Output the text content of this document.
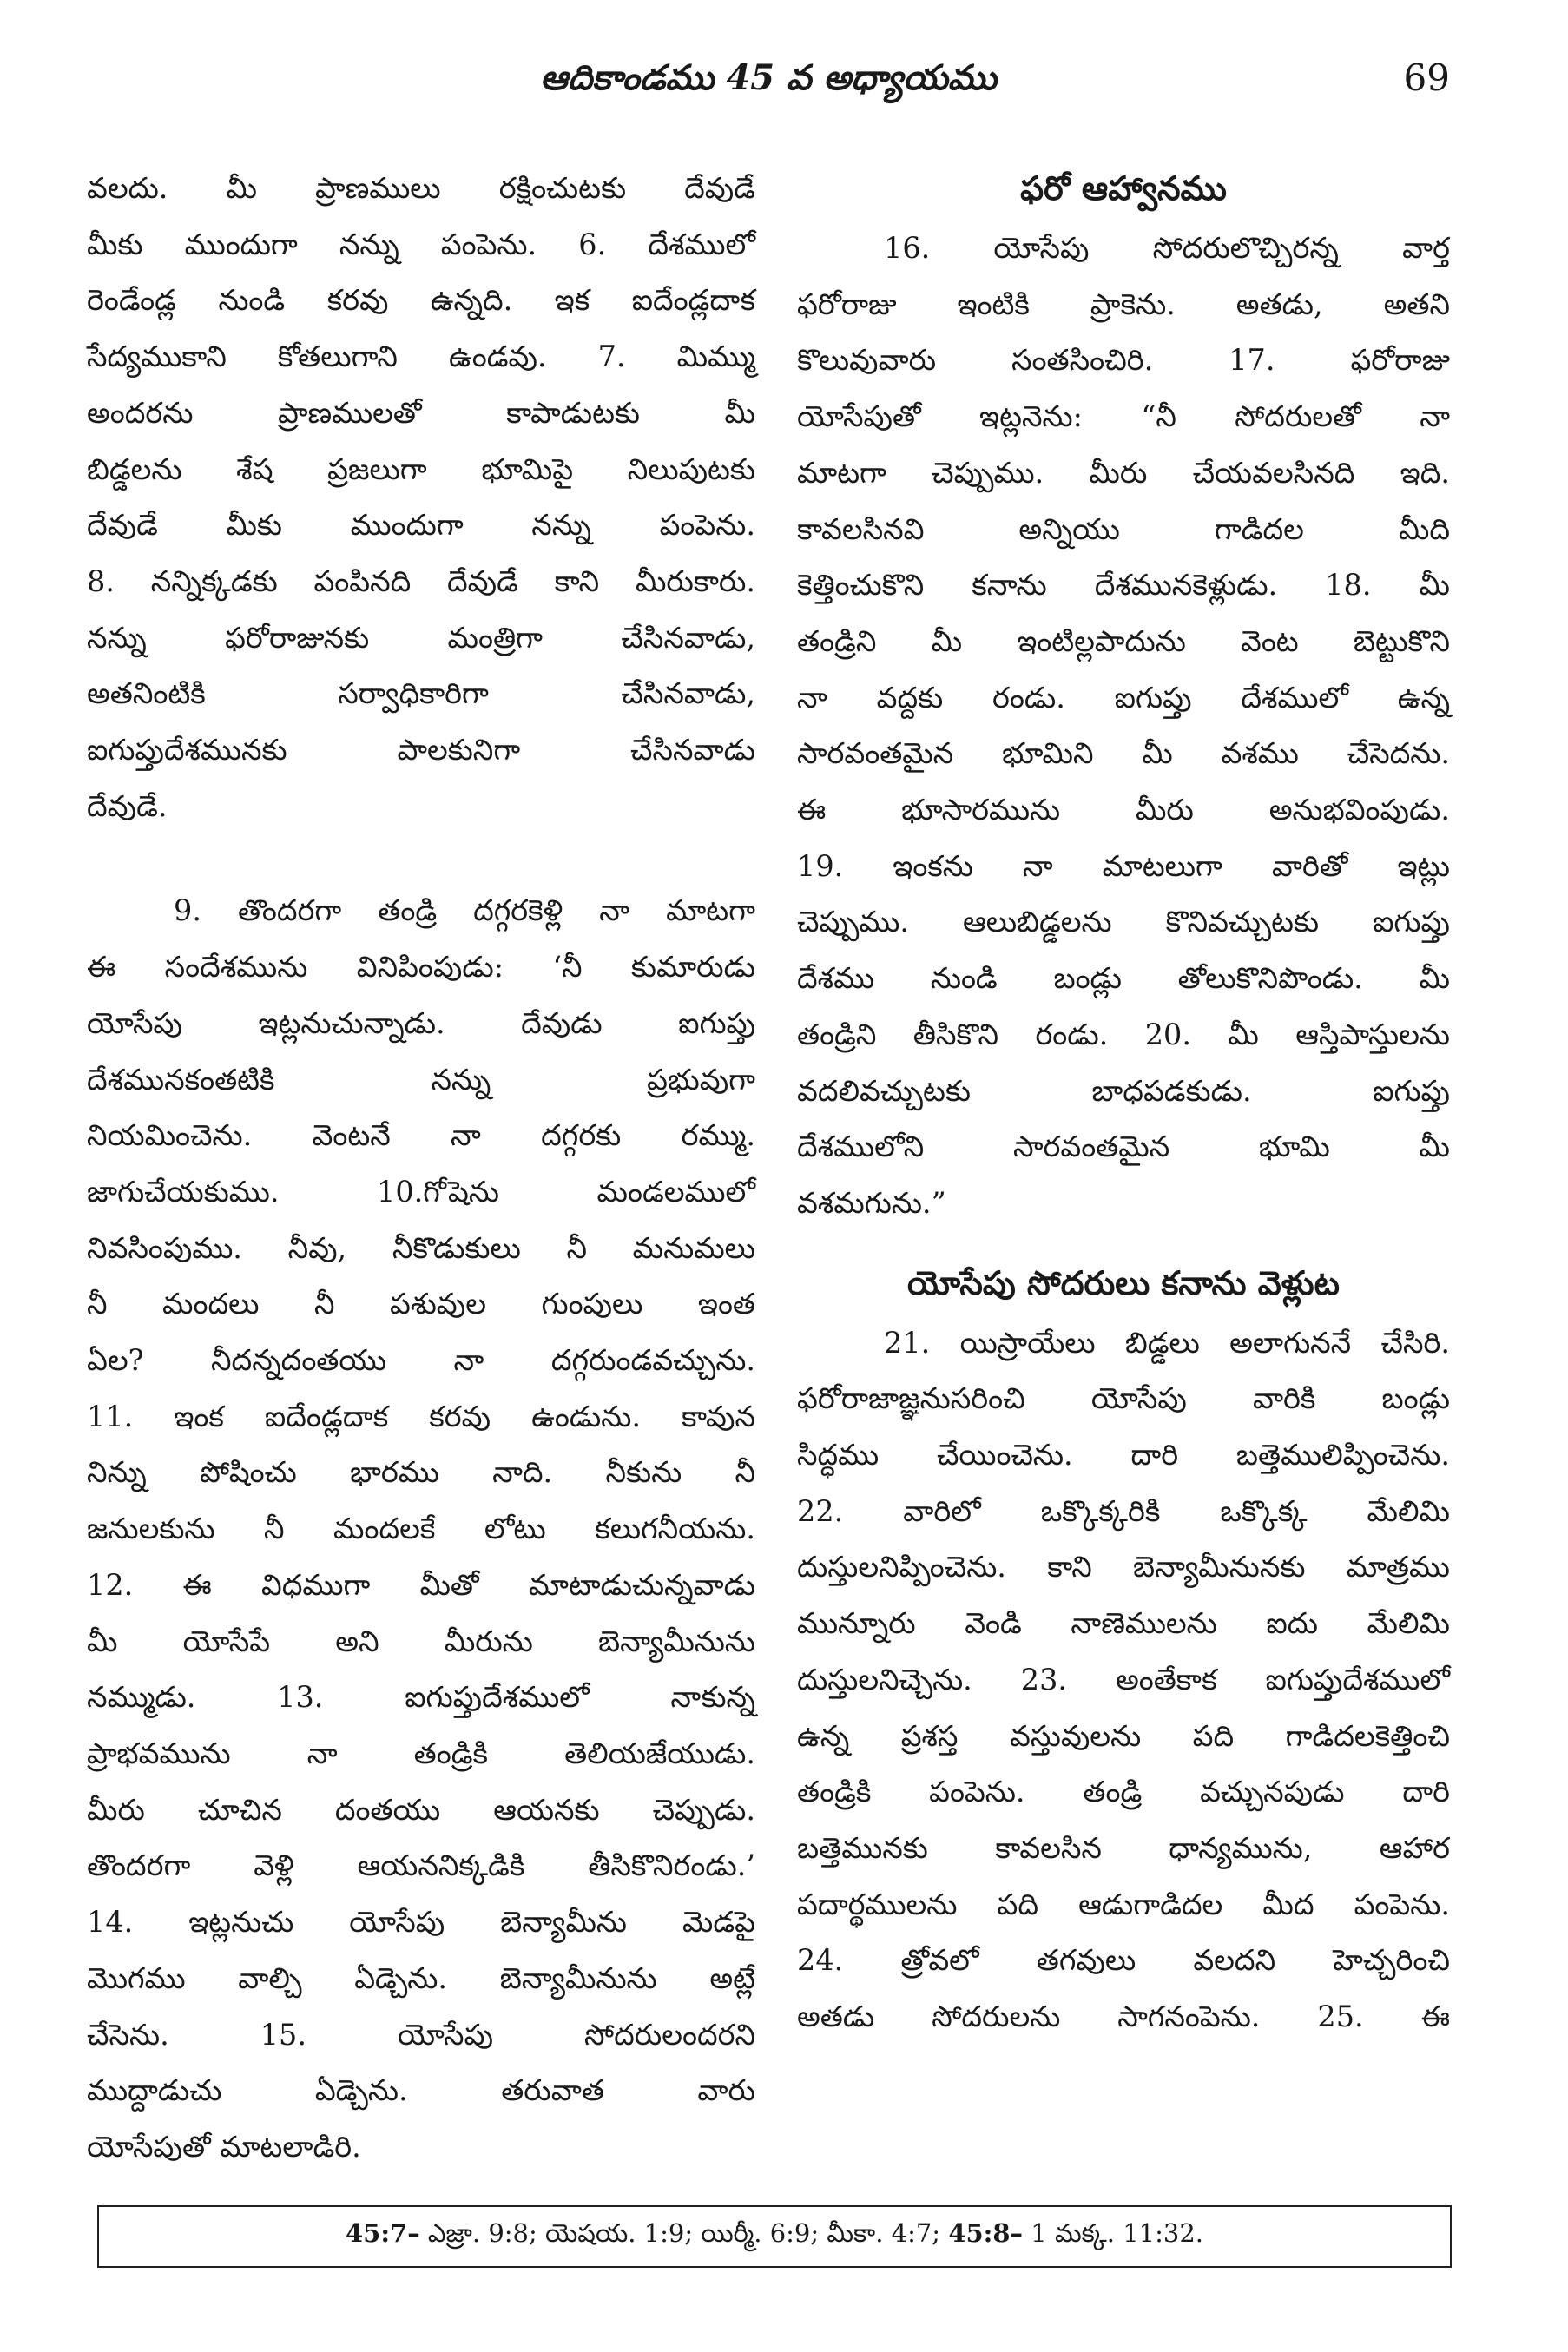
ఆదికాండము 45 వ అధ్యాయము	69
వలదు. మీ ప్రాణములు రక్షించుటకు దేవుడే
మీకు ముందుగా నన్ను పంపెను. 6. దేశములో
రెండేండ్ల నుండి కరవు ఉన్నది. ఇక ఐదేండ్లదాక
సేద్యముకాని కోతలుగాని ఉండవు. 7. మిమ్ము
అందరను ప్రాణములతో కాపాడుటకు మీ
బిడ్డలను శేష ప్రజలుగా భూమిపై నిలుపుటకు
దేవుడే మీకు ముందుగా నన్ను పంపెను.
8. నన్నిక్కడకు పంపినది దేవుడే కాని మీరుకారు.
నన్ను ఫరోరాజునకు మంత్రిగా చేసినవాడు,
అతనింటికి సర్వాధికారిగా చేసినవాడు,
ఐగుప్తుదేశమునకు పాలకునిగా చేసినవాడు
దేవుడే.
9. తొందరగా తండ్రి దగ్గరకెళ్లి నా మాటగా
ఈ సందేశమును వినిపింపుడు: ‘నీ కుమారుడు
యోసేపు ఇట్లనుచున్నాడు. దేవుడు ఐగుప్తు
దేశమునకంతటికి నన్ను ప్రభువుగా
నియమించెను. వెంటనే నా దగ్గరకు రమ్ము.
జాగుచేయకుము. 10.గోషెను మండలములో
నివసింపుము. నీవు, నీకొడుకులు నీ మనుమలు
నీ మందలు నీ పశువుల గుంపులు ఇంత
ఏల? నీదన్నదంతయు నా దగ్గరుండవచ్చును.
11. ఇంక ఐదేండ్లదాక కరవు ఉండును. కావున
నిన్ను పోషించు భారము నాది. నీకును నీ
జనులకును నీ మందలకే లోటు కలుగనీయను.
12. ఈ విధముగా మీతో మాటాడుచున్నవాడు
మీ యోసేపే అని మీరును బెన్యామీనును
నమ్ముడు. 13. ఐగుప్తుదేశములో నాకున్న
ప్రాభవమును నా తండ్రికి తెలియజేయుడు.
మీరు చూచిన దంతయు ఆయనకు చెప్పుడు.
తొందరగా వెళ్లి ఆయననిక్కడికి తీసికొనిరండు.’
14. ఇట్లనుచు యోసేపు బెన్యామీను మెడపై
మొగము వాల్చి ఏడ్చెను. బెన్యామీనును అట్లే
చేసెను. 15. యోసేపు సోదరులందరని
ముద్దాడుచు ఏడ్చెను. తరువాత వారు
యోసేపుతో మాటలాడిరి.
ఫరో ఆహ్వానము
16. యోసేపు సోదరులొచ్చిరన్న వార్త
ఫరోరాజు ఇంటికి ప్రాకెను. అతడు, అతని
కొలువువారు సంతసించిరి. 17. ఫరోరాజు
యోసేపుతో ఇట్లనెను: “నీ సోదరులతో నా
మాటగా చెప్పుము. మీరు చేయవలసినది ఇది.
కావలసినవి అన్నియు గాడిదల మీది
కెత్తించుకొని కనాను దేశమునకెళ్లుడు. 18. మీ
తండ్రిని మీ ఇంటిల్లపాదును వెంట బెట్టుకొని
నా వద్దకు రండు. ఐగుప్తు దేశములో ఉన్న
సారవంతమైన భూమిని మీ వశము చేసెదను.
ఈ భూసారమును మీరు అనుభవింపుడు.
19. ఇంకను నా మాటలుగా వారితో ఇట్లు
చెప్పుము. ఆలుబిడ్డలను కొనివచ్చుటకు ఐగుప్తు
దేశము నుండి బండ్లు తోలుకొనిపొండు. మీ
తండ్రిని తీసికొని రండు. 20. మీ ఆస్తిపాస్తులను
వదలివచ్చుటకు బాధపడకుడు. ఐగుప్తు
దేశములోని సారవంతమైన భూమి మీ
వశమగును.”
యోసేపు సోదరులు కనాను వెళ్లుట
21. యిస్రాయేలు బిడ్డలు అలాగుననే చేసిరి.
ఫరోరాజాజ్ఞనుసరించి యోసేపు వారికి బండ్లు
సిద్ధము చేయించెను. దారి బత్తెములిప్పించెను.
22. వారిలో ఒక్కొక్కరికి ఒక్కొక్క మేలిమి
దుస్తులనిప్పించెను. కాని బెన్యామీనునకు మాత్రము
మున్నూరు వెండి నాణెములను ఐదు మేలిమి
దుస్తులనిచ్చెను. 23. అంతేకాక ఐగుప్తుదేశములో
ఉన్న ప్రశస్త వస్తువులను పది గాడిదలకెత్తించి
తండ్రికి పంపెను. తండ్రి వచ్చునపుడు దారి
బత్తెమునకు కావలసిన ధాన్యమును, ఆహార
పదార్థములను పది ఆడుగాడిదల మీద పంపెను.
24. త్రోవలో తగవులు వలదని హెచ్చరించి
అతడు సోదరులను సాగనంపెను. 25. ఈ
45:7– ఎజ్రా. 9:8; యెషయ. 1:9; యిర్మీ. 6:9; మీకా. 4:7; 45:8– 1 మక్క. 11:32.
